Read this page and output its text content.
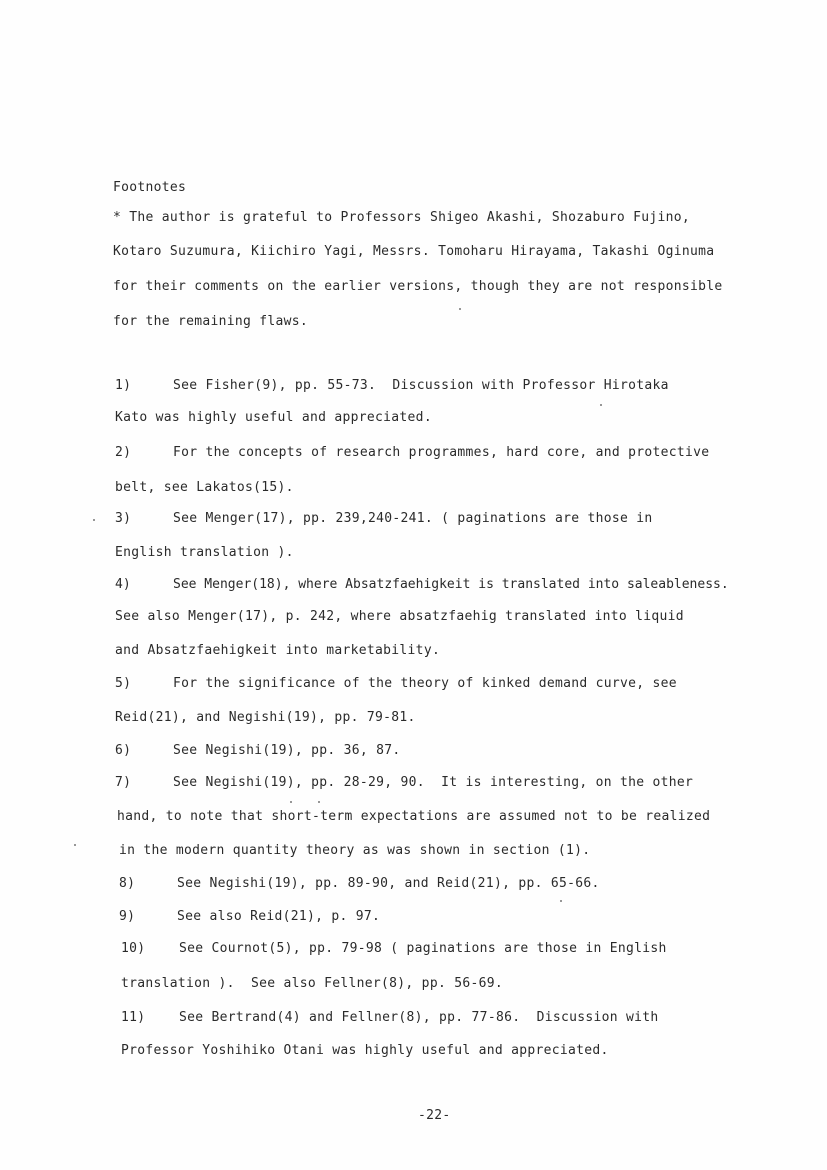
Footnotes
* The author is grateful to Professors Shigeo Akashi, Shozaburo Fujino,
Kotaro Suzumura, Kiichiro Yagi, Messrs. Tomoharu Hirayama, Takashi Oginuma
for their comments on the earlier versions, though they are not responsible
for the remaining flaws.
1)	See Fisher(9), pp. 55-73.  Discussion with Professor Hirotaka
Kato was highly useful and appreciated.
2)	For the concepts of research programmes, hard core, and protective
belt, see Lakatos(15).
3)	See Menger(17), pp. 239,240-241. ( paginations are those in
English translation ).
4)	See Menger(18), where Absatzfaehigkeit is translated into saleableness.
See also Menger(17), p. 242, where absatzfaehig translated into liquid
and Absatzfaehigkeit into marketability.
5)	For the significance of the theory of kinked demand curve, see
Reid(21), and Negishi(19), pp. 79-81.
6)	See Negishi(19), pp. 36, 87.
7)	See Negishi(19), pp. 28-29, 90.  It is interesting, on the other
hand, to note that short-term expectations are assumed not to be realized
in the modern quantity theory as was shown in section (1).
8)	See Negishi(19), pp. 89-90, and Reid(21), pp. 65-66.
9)	See also Reid(21), p. 97.
10)	See Cournot(5), pp. 79-98 ( paginations are those in English
translation ).  See also Fellner(8), pp. 56-69.
11)	See Bertrand(4) and Fellner(8), pp. 77-86.  Discussion with
Professor Yoshihiko Otani was highly useful and appreciated.
-22-
